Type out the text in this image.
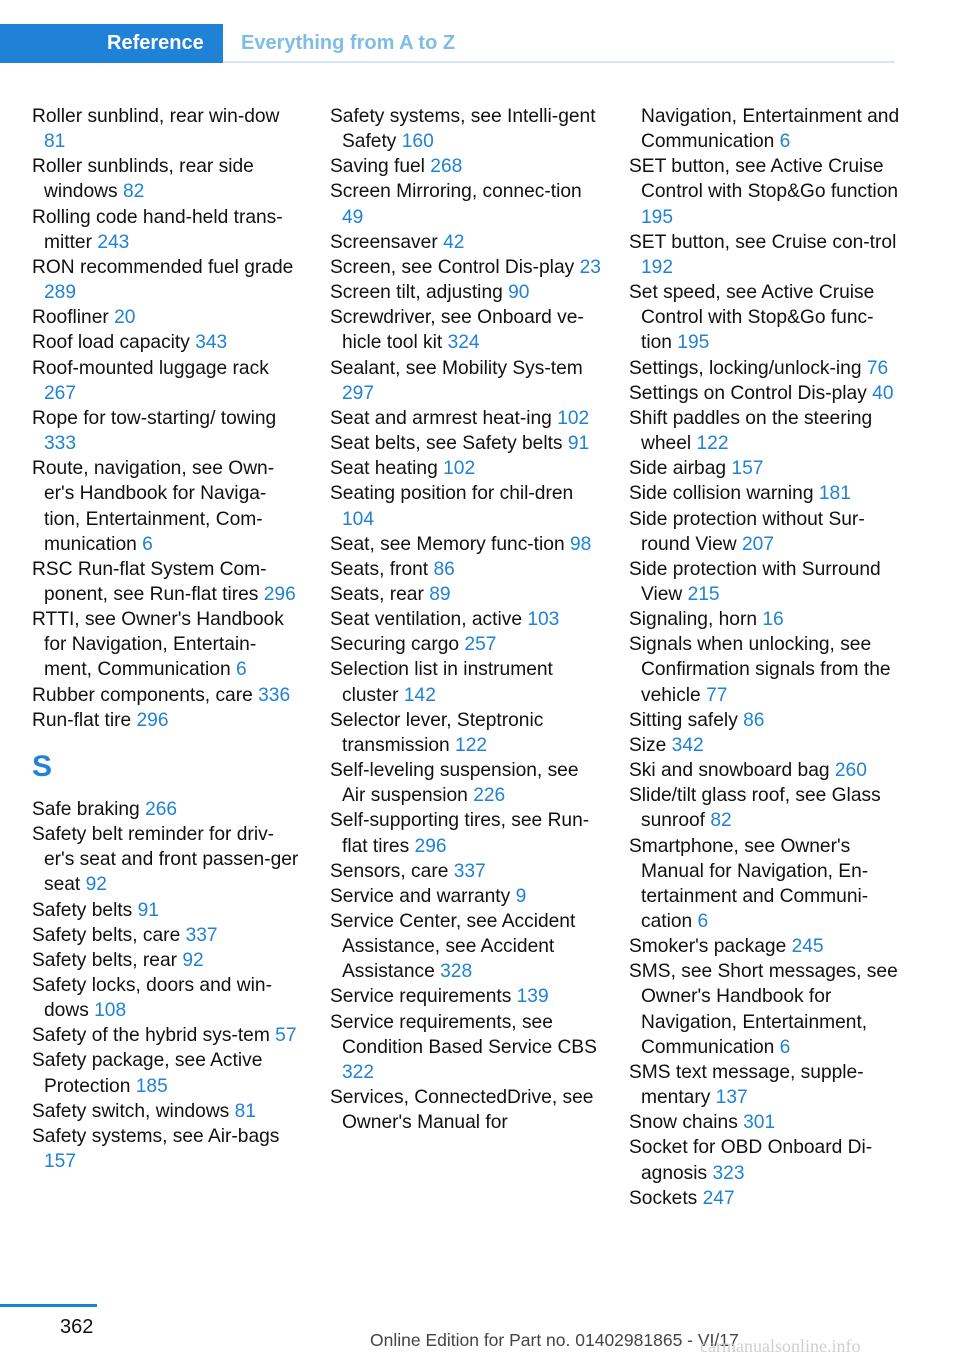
Reference	Everything from A to Z
Roller sunblind, rear win-dow 81
Roller sunblinds, rear side windows 82
Rolling code hand-held trans-mitter 243
RON recommended fuel grade 289
Roofliner 20
Roof load capacity 343
Roof-mounted luggage rack 267
Rope for tow-starting/ towing 333
Route, navigation, see Own-er's Handbook for Naviga-tion, Entertainment, Com-munication 6
RSC Run-flat System Com-ponent, see Run-flat tires 296
RTTI, see Owner's Handbook for Navigation, Entertain-ment, Communication 6
Rubber components, care 336
Run-flat tire 296
S
Safe braking 266
Safety belt reminder for driv-er's seat and front passen-ger seat 92
Safety belts 91
Safety belts, care 337
Safety belts, rear 92
Safety locks, doors and win-dows 108
Safety of the hybrid sys-tem 57
Safety package, see Active Protection 185
Safety switch, windows 81
Safety systems, see Air-bags 157
Safety systems, see Intelli-gent Safety 160
Saving fuel 268
Screen Mirroring, connec-tion 49
Screensaver 42
Screen, see Control Dis-play 23
Screen tilt, adjusting 90
Screwdriver, see Onboard ve-hicle tool kit 324
Sealant, see Mobility Sys-tem 297
Seat and armrest heat-ing 102
Seat belts, see Safety belts 91
Seat heating 102
Seating position for chil-dren 104
Seat, see Memory func-tion 98
Seats, front 86
Seats, rear 89
Seat ventilation, active 103
Securing cargo 257
Selection list in instrument cluster 142
Selector lever, Steptronic transmission 122
Self-leveling suspension, see Air suspension 226
Self-supporting tires, see Run-flat tires 296
Sensors, care 337
Service and warranty 9
Service Center, see Accident Assistance, see Accident Assistance 328
Service requirements 139
Service requirements, see Condition Based Service CBS 322
Services, ConnectedDrive, see Owner's Manual for
Navigation, Entertainment and Communication 6
SET button, see Active Cruise Control with Stop&Go function 195
SET button, see Cruise con-trol 192
Set speed, see Active Cruise Control with Stop&Go func-tion 195
Settings, locking/unlock-ing 76
Settings on Control Dis-play 40
Shift paddles on the steering wheel 122
Side airbag 157
Side collision warning 181
Side protection without Sur-round View 207
Side protection with Surround View 215
Signaling, horn 16
Signals when unlocking, see Confirmation signals from the vehicle 77
Sitting safely 86
Size 342
Ski and snowboard bag 260
Slide/tilt glass roof, see Glass sunroof 82
Smartphone, see Owner's Manual for Navigation, En-tertainment and Communi-cation 6
Smoker's package 245
SMS, see Short messages, see Owner's Handbook for Navigation, Entertainment, Communication 6
SMS text message, supple-mentary 137
Snow chains 301
Socket for OBD Onboard Di-agnosis 323
Sockets 247
362
Online Edition for Part no. 01402981865 - VI/17
carmanualsonline.info
